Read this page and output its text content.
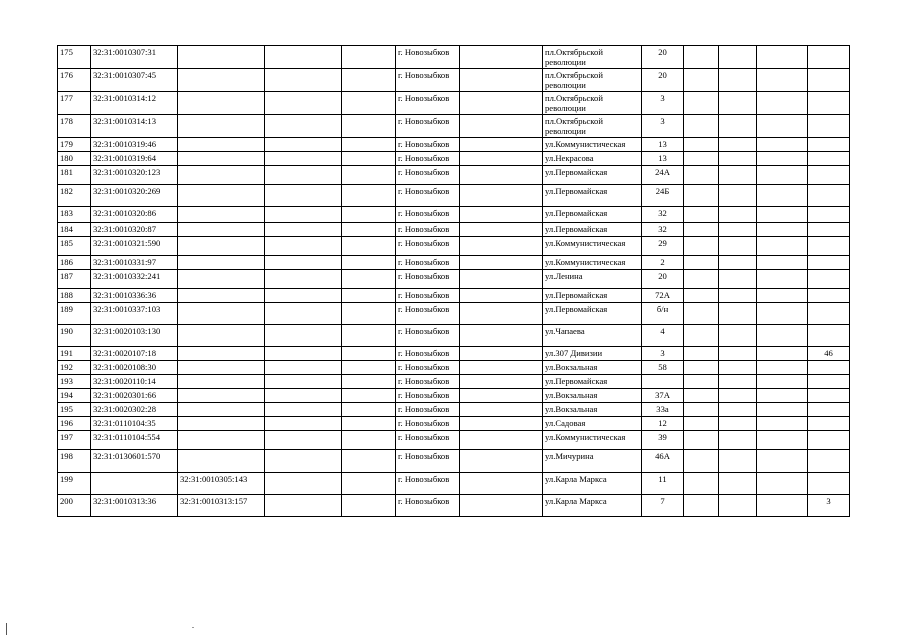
175	32:31:0010307:31				г. Новозыбков		пл.Октябрьской революции	20				
176	32:31:0010307:45				г. Новозыбков		пл.Октябрьской революции	20				
177	32:31:0010314:12				г. Новозыбков		пл.Октябрьской революции	3				
178	32:31:0010314:13				г. Новозыбков		пл.Октябрьской революции	3				
179	32:31:0010319:46				г. Новозыбков		ул.Коммунистическая	13				
180	32:31:0010319:64				г. Новозыбков		ул.Некрасова	13				
181	32:31:0010320:123				г. Новозыбков		ул.Первомайская	24А				
182	32:31:0010320:269				г. Новозыбков		ул.Первомайская	24Б				
183	32:31:0010320:86				г. Новозыбков		ул.Первомайская	32				
184	32:31:0010320:87				г. Новозыбков		ул.Первомайская	32				
185	32:31:0010321:590				г. Новозыбков		ул.Коммунистическая	29				
186	32:31:0010331:97				г. Новозыбков		ул.Коммунистическая	2				
187	32:31:0010332:241				г. Новозыбков		ул.Ленина	20				
188	32:31:0010336:36				г. Новозыбков		ул.Первомайская	72А				
189	32:31:0010337:103				г. Новозыбков		ул.Первомайская	б/н				
190	32:31:0020103:130				г. Новозыбков		ул.Чапаева	4				
191	32:31:0020107:18				г. Новозыбков		ул.307 Дивизии	3				46
192	32:31:0020108:30				г. Новозыбков		ул.Вокзальная	58				
193	32:31:0020110:14				г. Новозыбков		ул.Первомайская					
194	32:31:0020301:66				г. Новозыбков		ул.Вокзальная	37А				
195	32:31:0020302:28				г. Новозыбков		ул.Вокзальная	33а				
196	32:31:0110104:35				г. Новозыбков		ул.Садовая	12				
197	32:31:0110104:554				г. Новозыбков		ул.Коммунистическая	39				
198	32:31:0130601:570				г. Новозыбков		ул.Мичурина	46А				
199		32:31:0010305:143			г. Новозыбков		ул.Карла Маркса	11				
200	32:31:0010313:36	32:31:0010313:157			г. Новозыбков		ул.Карла Маркса	7				3
